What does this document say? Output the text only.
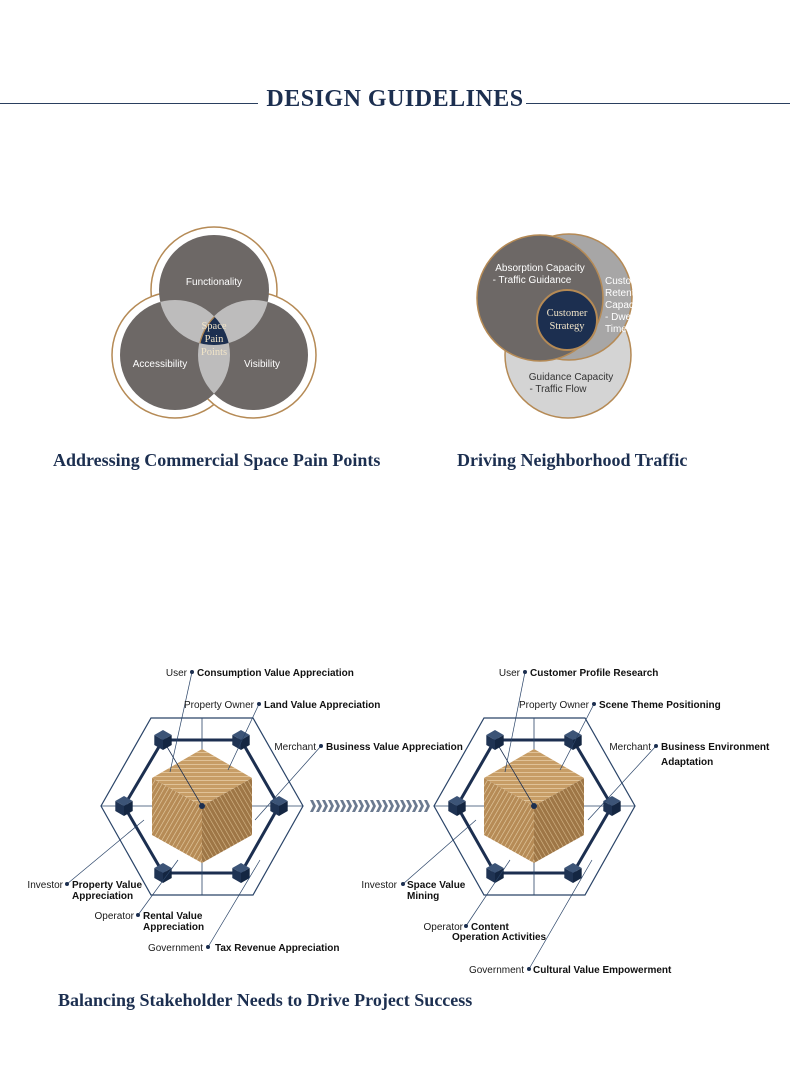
DESIGN GUIDELINES
Functionality
Accessibility	Visibility
Space
Pain
Points
Absorption Capacity
- Traffic Guidance	Customer
Retention
Capacity
- Dwell
Time
Guidance Capacity
- Traffic Flow
Customer
Strategy
User Consumption Value Appreciation
Property Owner Land Value Appreciation
Merchant Business Value Appreciation
Investor Property Value
Appreciation
Operator Rental Value
Appreciation
Government Tax Revenue Appreciation
User Customer Profile Research
Property Owner Scene Theme Positioning
Merchant Business Environment
Adaptation
Investor Space Value
Mining
Operator Content
Operation Activities
Government Cultural Value Empowerment
Addressing Commercial Space Pain Points	Driving Neighborhood Traffic
Balancing Stakeholder Needs to Drive Project Success
